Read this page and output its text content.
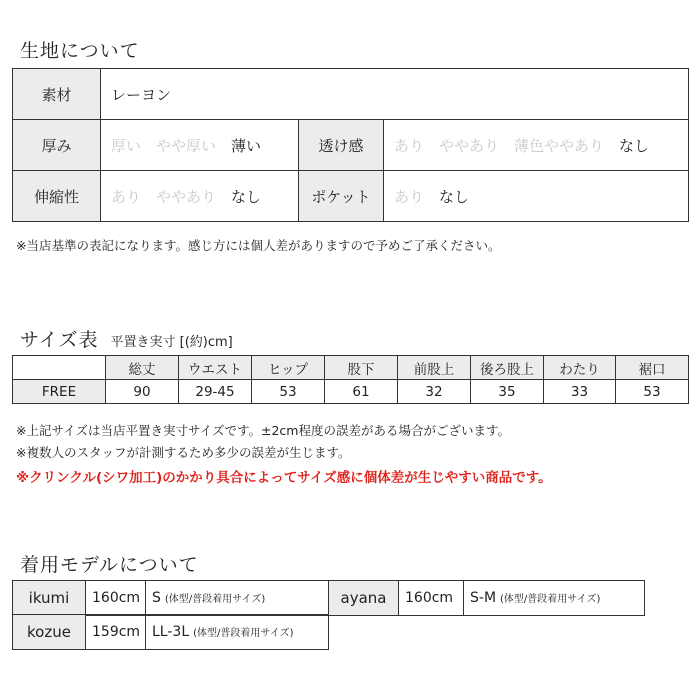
生地について
素材	レーヨン		
厚み	厚い やや厚い 薄い	透け感	あり ややあり 薄色ややあり なし
伸縮性	あり ややあり なし	ポケット	あり なし
※当店基準の表記になります。感じ方には個人差がありますので予めご了承ください。
サイズ表 平置き実寸 [(約)cm]
	総丈	ウエスト	ヒップ	股下	前股上	後ろ股上	わたり	裾口
FREE	90	29-45	53	61	32	35	33	53
※上記サイズは当店平置き実寸サイズです。±2cm程度の誤差がある場合がございます。
※複数人のスタッフが計測するため多少の誤差が生じます。
※クリンクル(シワ加工)のかかり具合によってサイズ感に個体差が生じやすい商品です。
着用モデルについて
ikumi	160cm	S (体型/普段着用サイズ)	ayana	160cm	S-M (体型/普段着用サイズ)
kozue	159cm	LL-3L (体型/普段着用サイズ)
